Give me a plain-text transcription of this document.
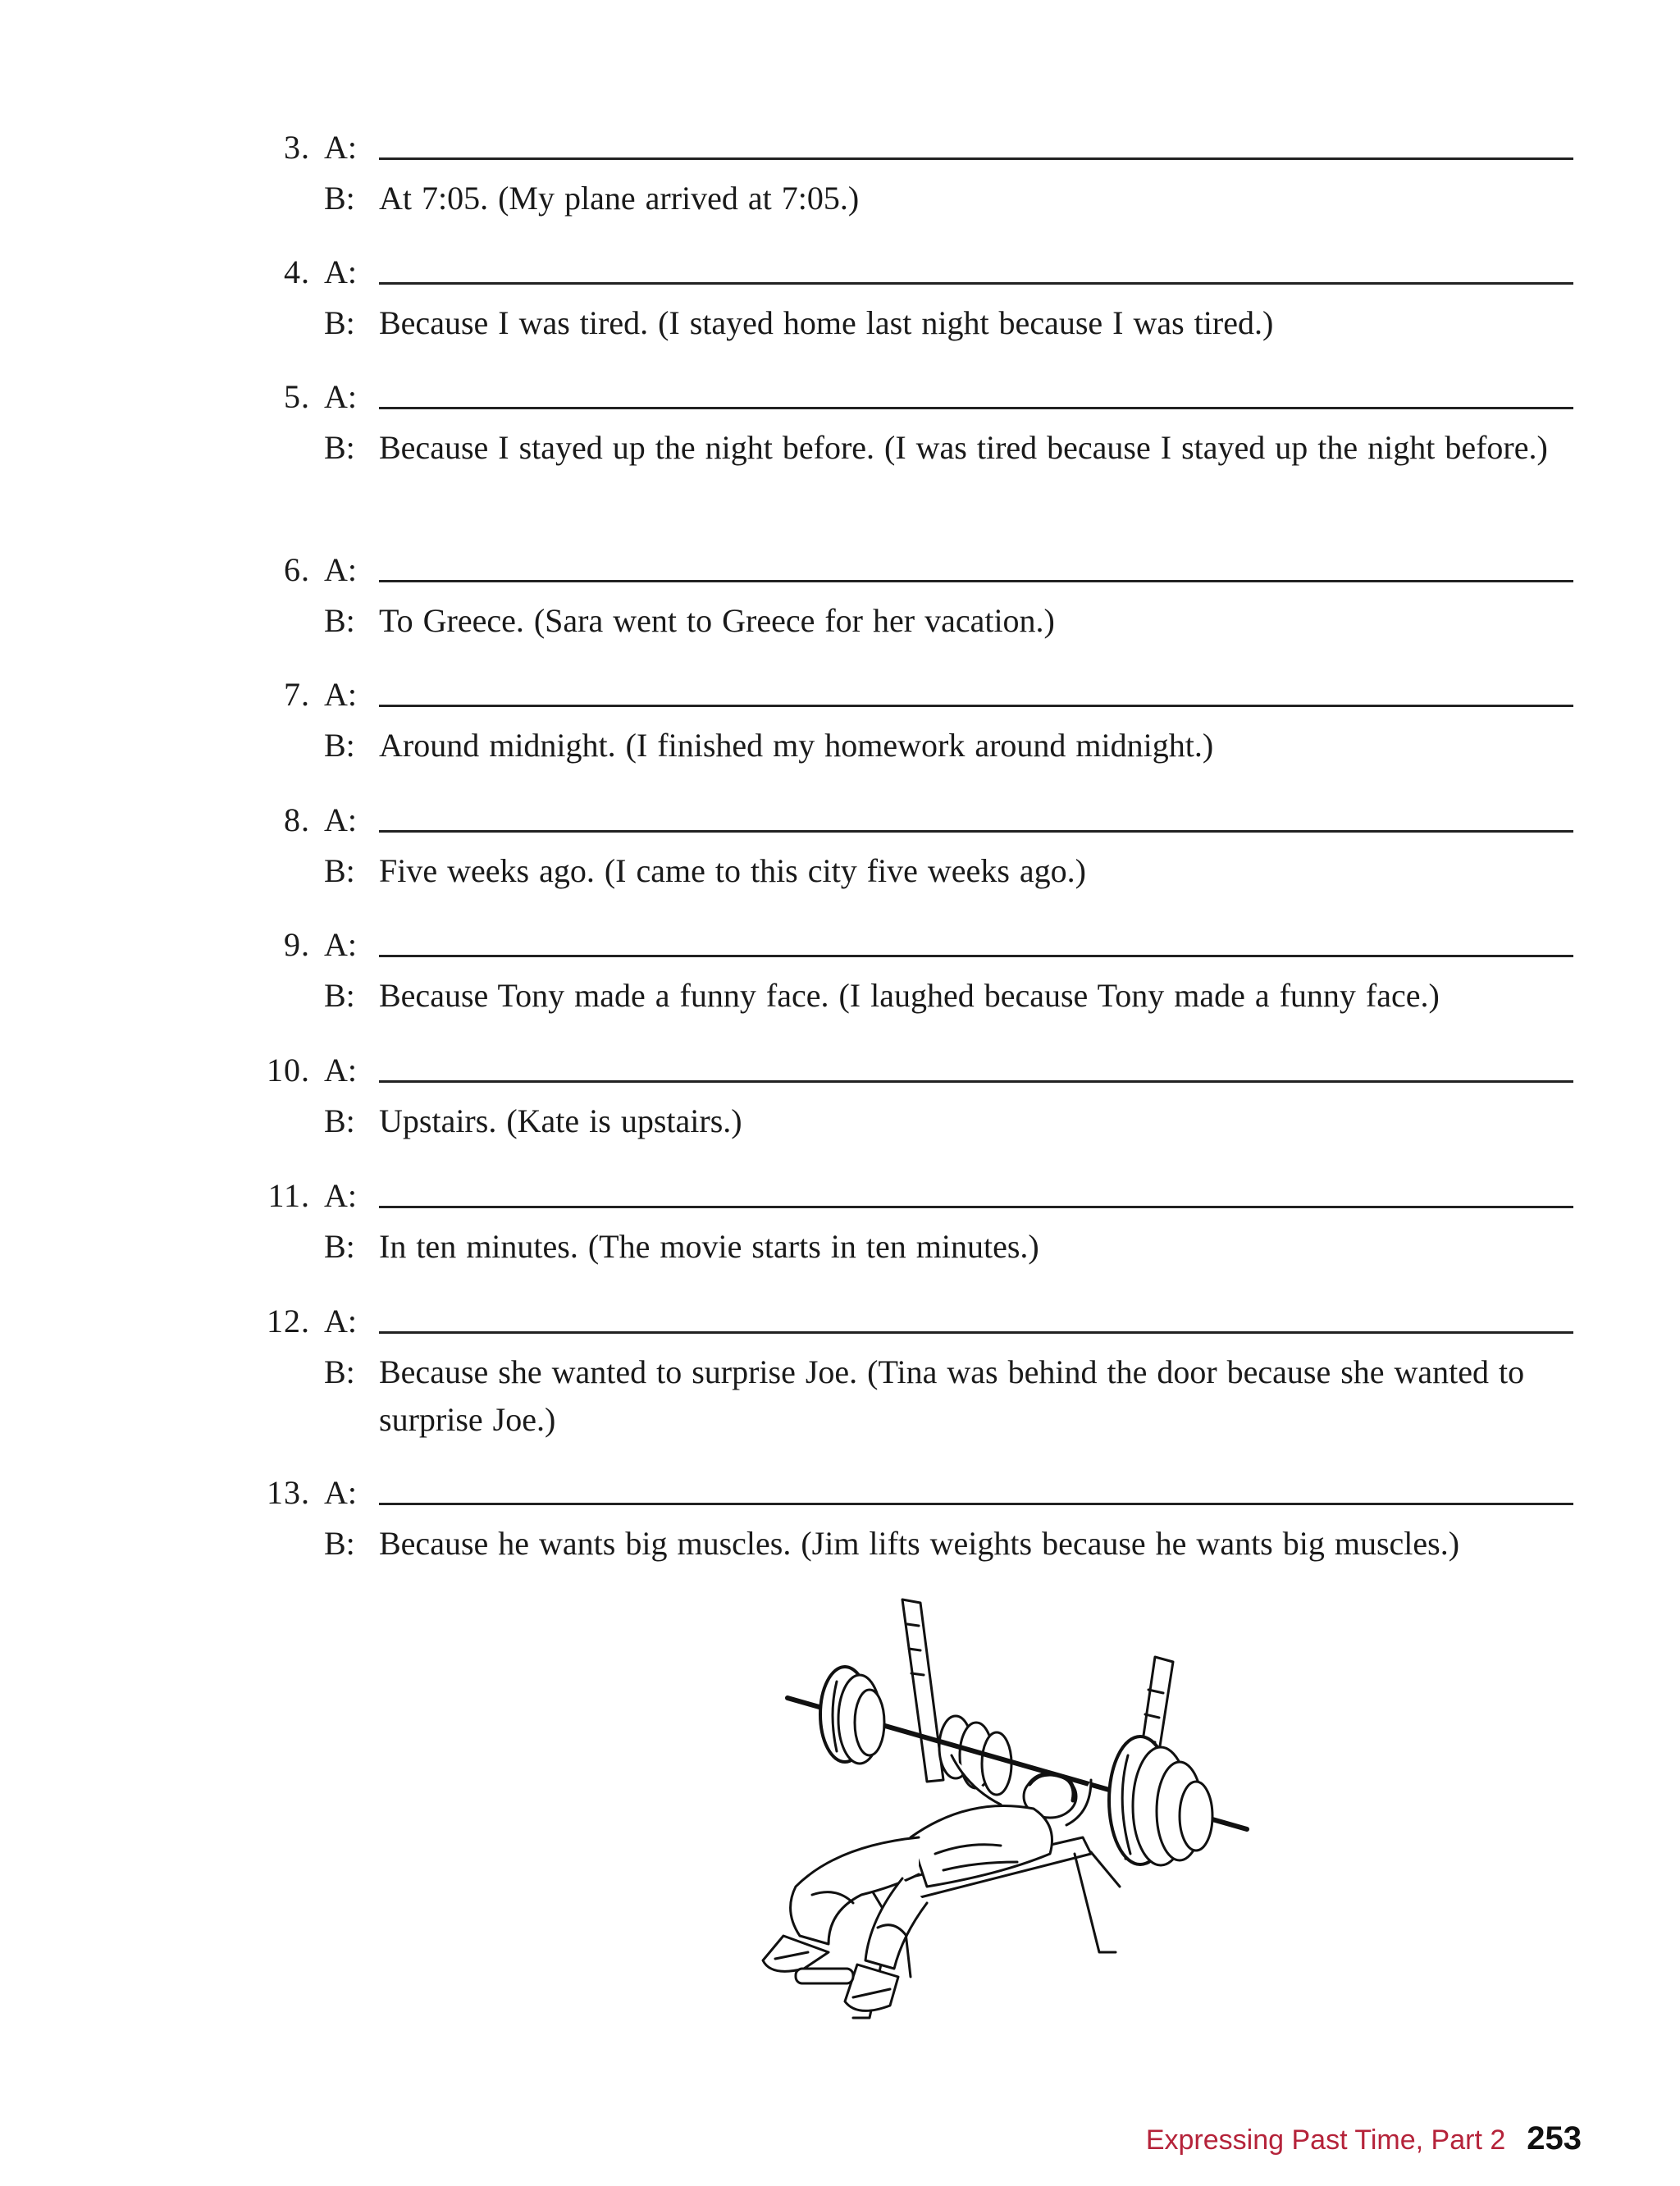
3. A:
B: At 7:05. (My plane arrived at 7:05.)
4. A:
B: Because I was tired. (I stayed home last night because I was tired.)
5. A:
B: Because I stayed up the night before. (I was tired because I stayed up the night before.)
6. A:
B: To Greece. (Sara went to Greece for her vacation.)
7. A:
B: Around midnight. (I finished my homework around midnight.)
8. A:
B: Five weeks ago. (I came to this city five weeks ago.)
9. A:
B: Because Tony made a funny face. (I laughed because Tony made a funny face.)
10. A:
B: Upstairs. (Kate is upstairs.)
11. A:
B: In ten minutes. (The movie starts in ten minutes.)
12. A:
B: Because she wanted to surprise Joe. (Tina was behind the door because she wanted to surprise Joe.)
13. A:
B: Because he wants big muscles. (Jim lifts weights because he wants big muscles.)
Expressing Past Time, Part 2 253
